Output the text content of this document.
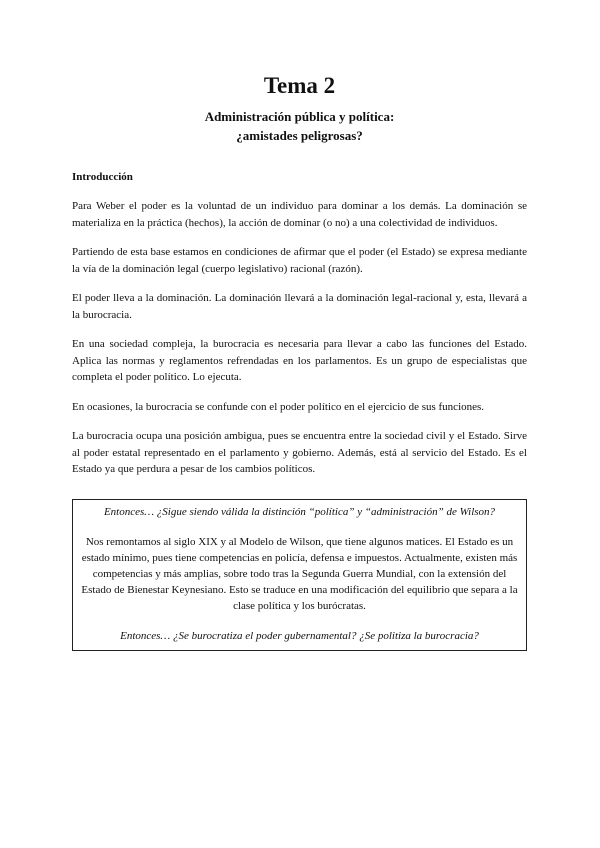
Tema 2
Administración pública y política:
¿amistades peligrosas?
Introducción

Para Weber el poder es la voluntad de un individuo para dominar a los demás. La dominación se materializa en la práctica (hechos), la acción de dominar (o no) a una colectividad de individuos.

Partiendo de esta base estamos en condiciones de afirmar que el poder (el Estado) se expresa mediante la vía de la dominación legal (cuerpo legislativo) racional (razón).

El poder lleva a la dominación. La dominación llevará a la dominación legal-racional y, esta, llevará a la burocracia.

En una sociedad compleja, la burocracia es necesaria para llevar a cabo las funciones del Estado. Aplica las normas y reglamentos refrendadas en los parlamentos. Es un grupo de especialistas que completa el poder político. Lo ejecuta.

En ocasiones, la burocracia se confunde con el poder político en el ejercicio de sus funciones.

La burocracia ocupa una posición ambigua, pues se encuentra entre la sociedad civil y el Estado. Sirve al poder estatal representado en el parlamento y gobierno. Además, está al servicio del Estado. Es el Estado ya que perdura a pesar de los cambios políticos.

Entonces… ¿Sigue siendo válida la distinción “política” y “administración” de Wilson?

Nos remontamos al siglo XIX y al Modelo de Wilson, que tiene algunos matices. El Estado es un estado mínimo, pues tiene competencias en policía, defensa e impuestos. Actualmente, existen más competencias y más amplias, sobre todo tras la Segunda Guerra Mundial, con la extensión del Estado de Bienestar Keynesiano. Esto se traduce en una modificación del equilibrio que separa a la clase política y los burócratas.

Entonces… ¿Se burocratiza el poder gubernamental? ¿Se politiza la burocracia?
